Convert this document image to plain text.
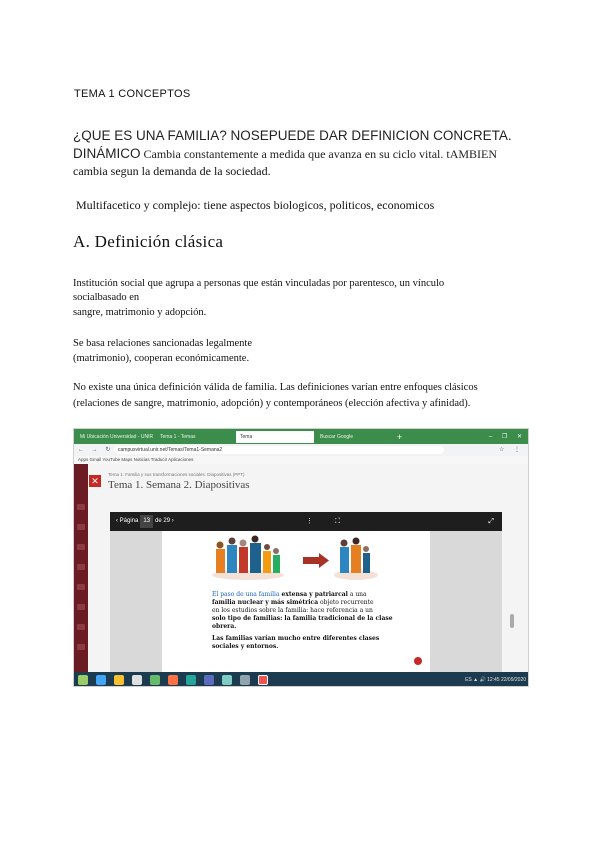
TEMA 1 CONCEPTOS
¿QUE ES UNA FAMILIA? NOSEPUEDE DAR DEFINICION CONCRETA.
DINÁMICO Cambia constantemente a medida que avanza en su ciclo vital. tAMBIEN
cambia segun la demanda de la sociedad.
Multifacetico y complejo: tiene aspectos biologicos, politicos, economicos
A. Definición clásica
Institución social que agrupa a personas que están vinculadas por parentesco, un vínculo
socialbasado en
sangre, matrimonio y adopción.
Se basa relaciones sancionadas legalmente
(matrimonio), cooperan económicamente.
No existe una única definición válida de familia. Las definiciones varían entre enfoques clásicos
(relaciones de sangre, matrimonio, adopción) y contemporáneos (elección afectiva y afinidad).
Mi Ubicación Universidad - UNIR	Tema 1 - Temas	Tema	Buscar Google	+	– ❐ ✕
← → ↻ campusvirtual.unir.net/Temas/Tema1-Semana2	☆ ⋮
Apps Gmail YouTube Maps Noticias Traducir Aplicaciones
✕
Tema 1. Familia y sus transformaciones sociales. Diapositivas (PPT)
Tema 1. Semana 2. Diapositivas
‹ Página 13 de 29 ›	⋮ ⛶	⤢
El paso de una familia extensa y patriarcal a una
familia nuclear y más simétrica objeto recurrente
en los estudios sobre la familia: hace referencia a un
solo tipo de familias: la familia tradicional de la clase
obrera.
Las familias varían mucho entre diferentes clases
sociales y entornos.
ES ▲ 🔊 12:45 22/09/2020
